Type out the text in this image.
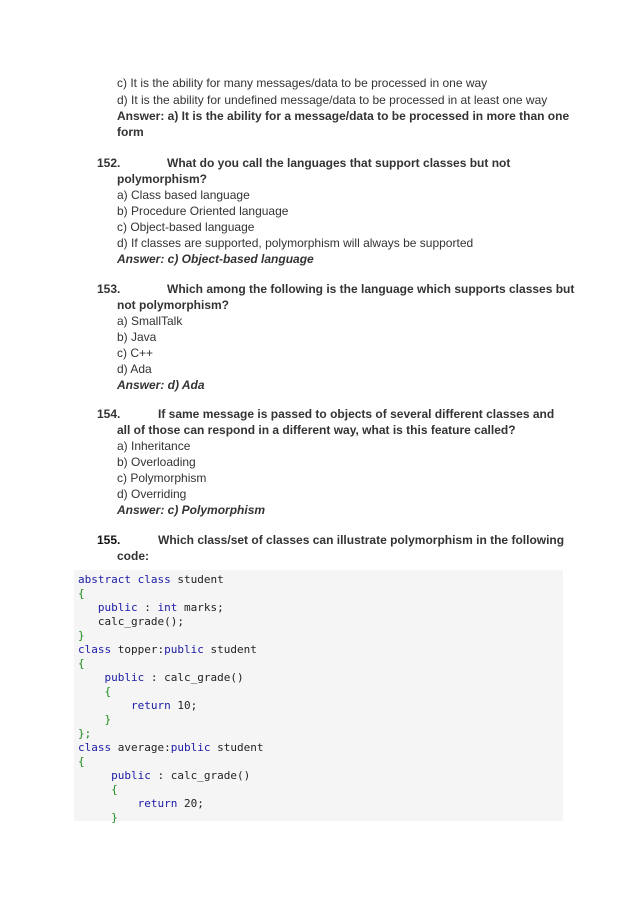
c) It is the ability for many messages/data to be processed in one way
d) It is the ability for undefined message/data to be processed in at least one way
Answer: a) It is the ability for a message/data to be processed in more than one
form
152.	What do you call the languages that support classes but not
polymorphism?
a) Class based language
b) Procedure Oriented language
c) Object-based language
d) If classes are supported, polymorphism will always be supported
Answer: c) Object-based language
153.	Which among the following is the language which supports classes but
not polymorphism?
a) SmallTalk
b) Java
c) C++
d) Ada
Answer: d) Ada
154.	If same message is passed to objects of several different classes and
all of those can respond in a different way, what is this feature called?
a) Inheritance
b) Overloading
c) Polymorphism
d) Overriding
Answer: c) Polymorphism
155.	Which class/set of classes can illustrate polymorphism in the following
code:
abstract class student
{
public : int marks;
calc_grade();
}
class topper:public student
{
public : calc_grade()
{
return 10;
}
};
class average:public student
{
public : calc_grade()
{
return 20;
}
